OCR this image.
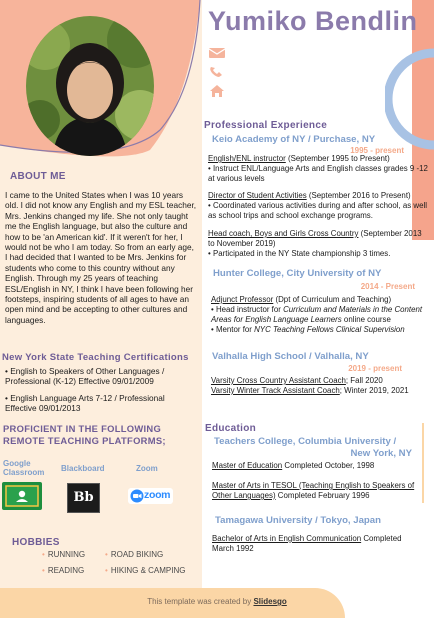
Yumiko Bendlin
ABOUT ME
I came to the United States when I was 10 years old. I did not know any English and my ESL teacher, Mrs. Jenkins changed my life. She not only taught me the English language, but also the culture and how to be 'an American kid'. If it weren't for her, I would not be who I am today. So from an early age, I had decided that I wanted to be Mrs. Jenkins for students who come to this country without any English. Through my 25 years of teaching ESL/English in NY, I think I have been following her footsteps, inspiring students of all ages to have an open mind and be accepting to other cultures and languages.
New York State Teaching Certifications
• English to Speakers of Other Languages / Professional (K-12) Effective 09/01/2009
• English Language Arts 7-12 / Professional Effective 09/01/2013
PROFICIENT IN THE FOLLOWING REMOTE TEACHING PLATFORMS;
Google Classroom	Blackboard	Zoom
Bb	zoom
HOBBIES
• RUNNING • ROAD BIKING
• READING	• HIKING & CAMPING
Professional Experience
Keio Academy of NY / Purchase, NY
1995 - present
English/ENL instructor (September 1995 to Present)
• Instruct ENL/Language Arts and English classes grades 9 -12 at various levels
Director of Student Activities (September 2016 to Present)
• Coordinated various activities during and after school, as well as school trips and school exchange programs.
Head coach, Boys and Girls Cross Country (September 2013 to November 2019)
• Participated in the NY State championship 3 times.
Hunter College, City University of NY
2014 - Present
Adjunct Professor (Dpt of Curriculum and Teaching)
• Head instructor for Curriculum and Materials in the Content Areas for English Language Learners online course
• Mentor for NYC Teaching Fellows Clinical Supervision
Valhalla High School / Valhalla, NY
2019 - present
Varsity Cross Country Assistant Coach; Fall 2020
Varsity Winter Track Assistant Coach; Winter 2019, 2021
Education
Teachers College, Columbia University /
New York, NY
Master of Education Completed October, 1998
Master of Arts in TESOL (Teaching English to Speakers of Other Languages) Completed February 1996
Tamagawa University / Tokyo, Japan
Bachelor of Arts in English Communication Completed March 1992
This template was created by Slidesgo
